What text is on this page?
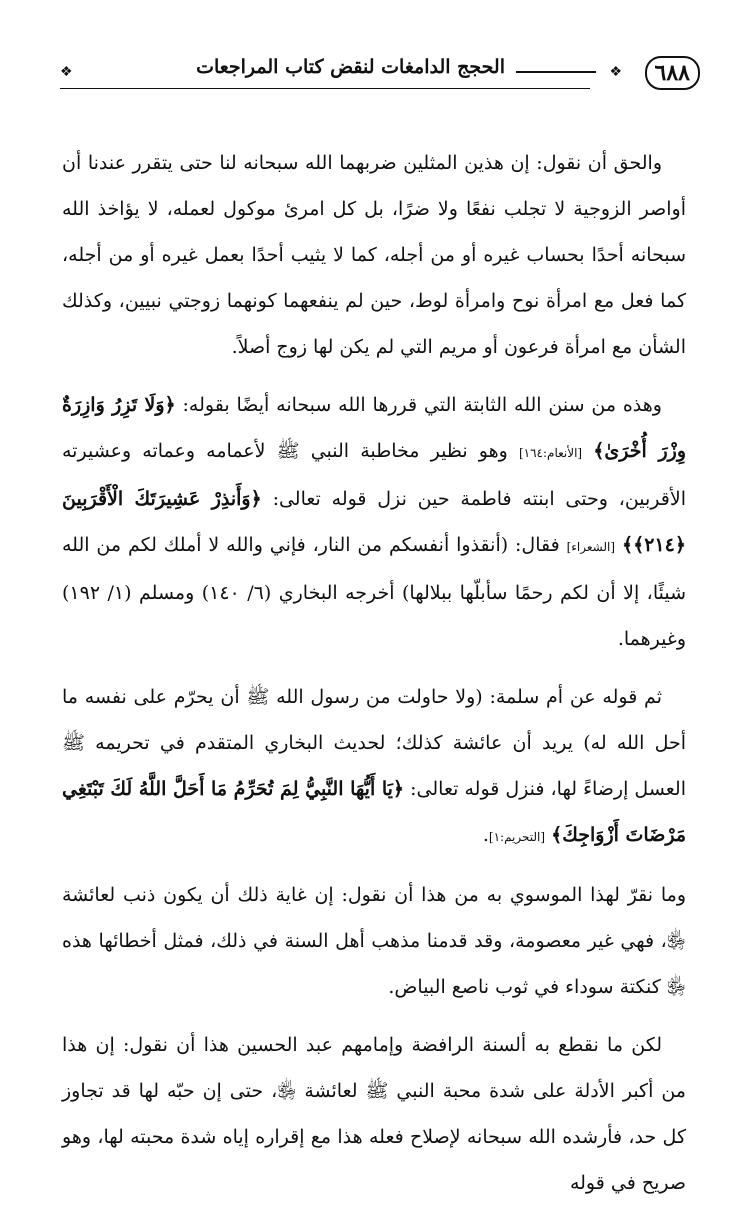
٦٨٨
❖
الحجج الدامغات لنقض كتاب المراجعات
❖

والحق أن نقول: إن هذين المثلين ضربهما الله سبحانه لنا حتى يتقرر عندنا أن أواصر الزوجية لا تجلب نفعًا ولا ضرًا، بل كل امرئ موكول لعمله، لا يؤاخذ الله سبحانه أحدًا بحساب غيره أو من أجله، كما لا يثيب أحدًا بعمل غيره أو من أجله، كما فعل مع امرأة نوح وامرأة لوط، حين لم ينفعهما كونهما زوجتي نبيين، وكذلك الشأن مع امرأة فرعون أو مريم التي لم يكن لها زوج أصلاً.

وهذه من سنن الله الثابتة التي قررها الله سبحانه أيضًا بقوله: ﴿وَلَا تَزِرُ وَازِرَةٌ وِزْرَ أُخْرَىٰ﴾ [الأنعام:١٦٤] وهو نظير مخاطبة النبي ﷺ لأعمامه وعماته وعشيرته الأقربين، وحتى ابنته فاطمة حين نزل قوله تعالى: ﴿وَأَنذِرْ عَشِيرَتَكَ الْأَقْرَبِينَ ﴿٢١٤﴾﴾ [الشعراء] فقال: (أنقذوا أنفسكم من النار، فإني والله لا أملك لكم من الله شيئًا، إلا أن لكم رحمًا سأبلّها ببلالها) أخرجه البخاري (٦/ ١٤٠) ومسلم (١/ ١٩٢) وغيرهما.

ثم قوله عن أم سلمة: (ولا حاولت من رسول الله ﷺ أن يحرّم على نفسه ما أحل الله له) يريد أن عائشة كذلك؛ لحديث البخاري المتقدم في تحريمه ﷺ العسل إرضاءً لها، فنزل قوله تعالى: ﴿يَا أَيُّهَا النَّبِيُّ لِمَ تُحَرِّمُ مَا أَحَلَّ اللَّهُ لَكَ تَبْتَغِي مَرْضَاتَ أَزْوَاجِكَ﴾ [التحريم:١].

وما نقرّ لهذا الموسوي به من هذا أن نقول: إن غاية ذلك أن يكون ذنب لعائشة ﵂، فهي غير معصومة، وقد قدمنا مذهب أهل السنة في ذلك، فمثل أخطائها هذه ﵂ كنكتة سوداء في ثوب ناصع البياض.

لكن ما نقطع به ألسنة الرافضة وإمامهم عبد الحسين هذا أن نقول: إن هذا من أكبر الأدلة على شدة محبة النبي ﷺ لعائشة ﵂، حتى إن حبّه لها قد تجاوز كل حد، فأرشده الله سبحانه لإصلاح فعله هذا مع إقراره إياه شدة محبته لها، وهو صريح في قوله
